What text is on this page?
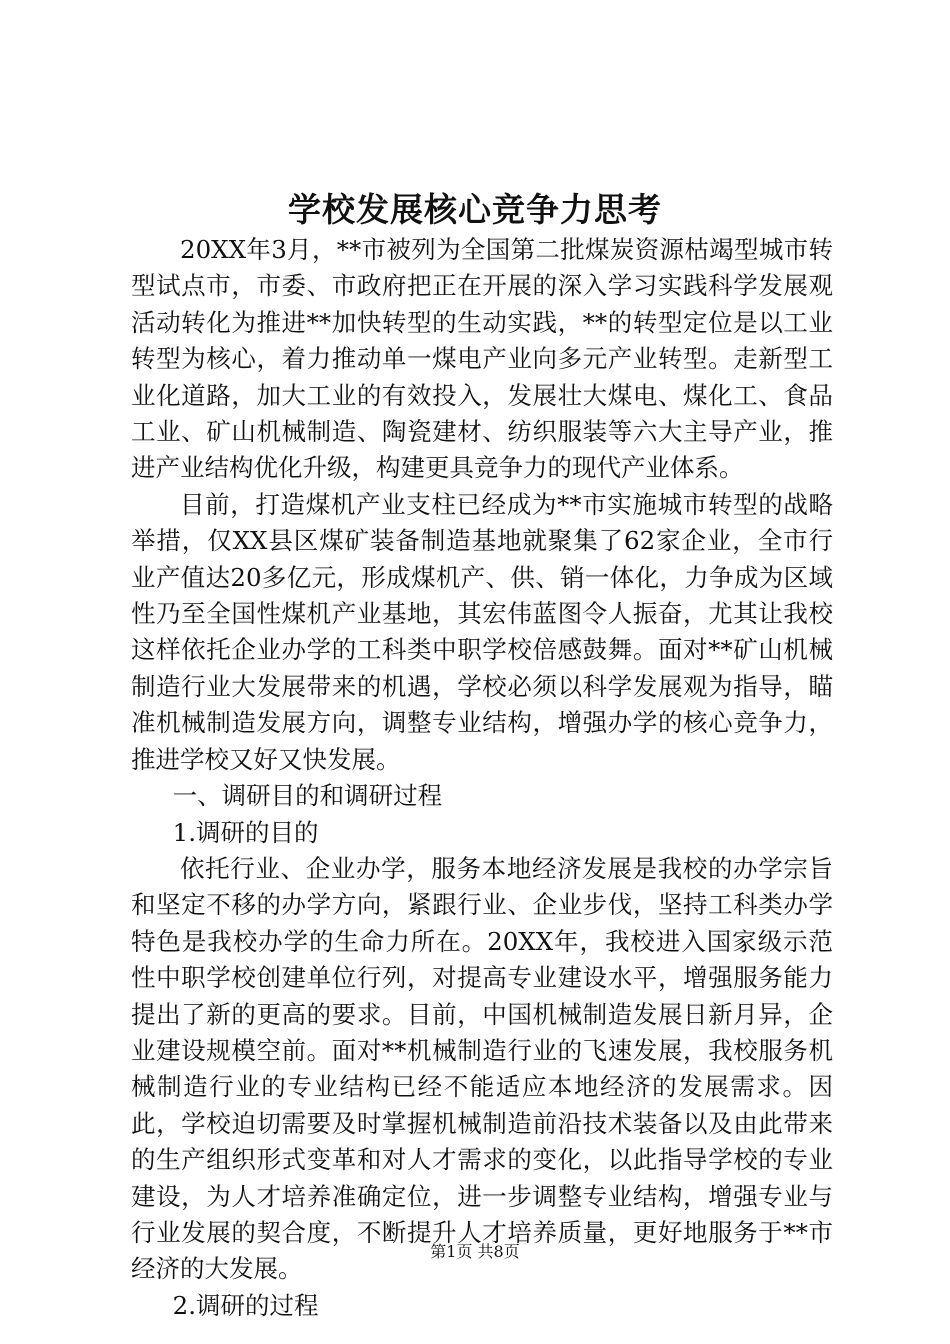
学校发展核心竞争力思考

20XX年3月，**市被列为全国第二批煤炭资源枯竭型城市转型试点市，市委、市政府把正在开展的深入学习实践科学发展观活动转化为推进**加快转型的生动实践，**的转型定位是以工业转型为核心，着力推动单一煤电产业向多元产业转型。走新型工业化道路，加大工业的有效投入，发展壮大煤电、煤化工、食品工业、矿山机械制造、陶瓷建材、纺织服装等六大主导产业，推进产业结构优化升级，构建更具竞争力的现代产业体系。

目前，打造煤机产业支柱已经成为**市实施城市转型的战略举措，仅XX县区煤矿装备制造基地就聚集了62家企业，全市行业产值达20多亿元，形成煤机产、供、销一体化，力争成为区域性乃至全国性煤机产业基地，其宏伟蓝图令人振奋，尤其让我校这样依托企业办学的工科类中职学校倍感鼓舞。面对**矿山机械制造行业大发展带来的机遇，学校必须以科学发展观为指导，瞄准机械制造发展方向，调整专业结构，增强办学的核心竞争力，推进学校又好又快发展。

一、调研目的和调研过程

1.调研的目的

依托行业、企业办学，服务本地经济发展是我校的办学宗旨和坚定不移的办学方向，紧跟行业、企业步伐，坚持工科类办学特色是我校办学的生命力所在。20XX年，我校进入国家级示范性中职学校创建单位行列，对提高专业建设水平，增强服务能力提出了新的更高的要求。目前，中国机械制造发展日新月异，企业建设规模空前。面对**机械制造行业的飞速发展，我校服务机械制造行业的专业结构已经不能适应本地经济的发展需求。因此，学校迫切需要及时掌握机械制造前沿技术装备以及由此带来的生产组织形式变革和对人才需求的变化，以此指导学校的专业建设，为人才培养准确定位，进一步调整专业结构，增强专业与行业发展的契合度，不断提升人才培养质量，更好地服务于**市经济的大发展。

2.调研的过程

第1页 共8页
